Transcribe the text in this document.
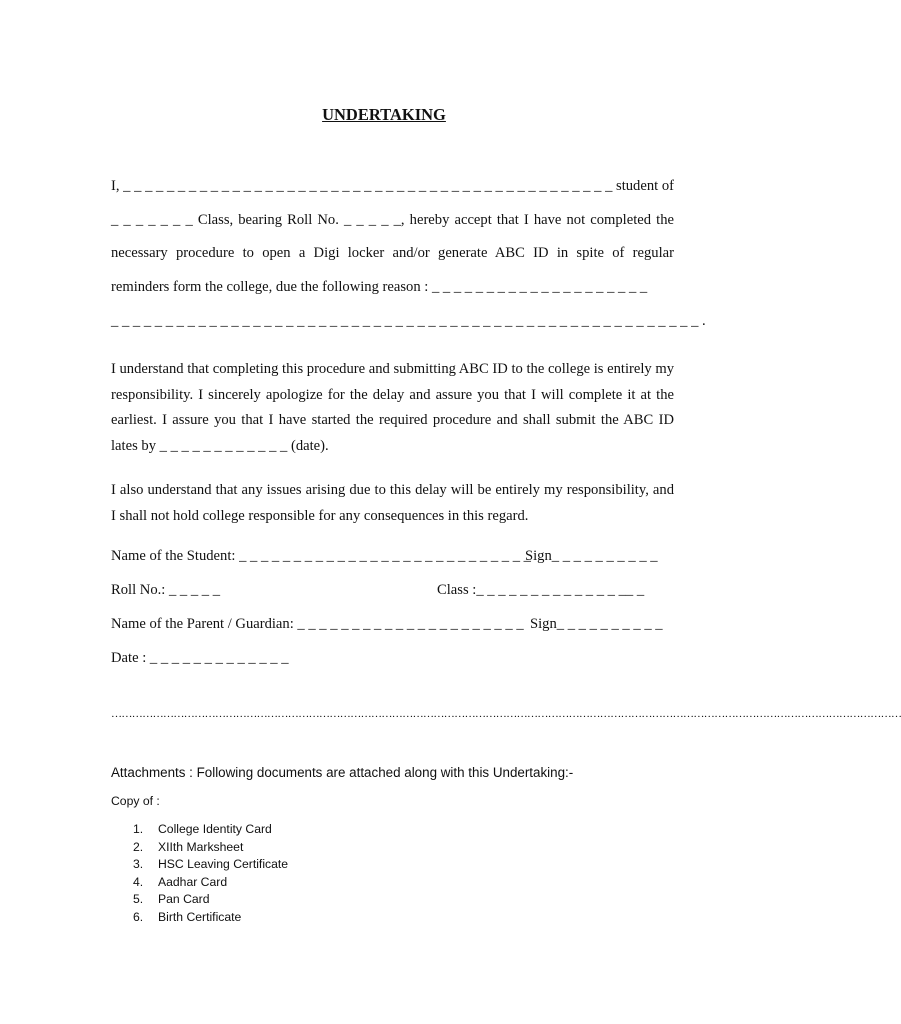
UNDERTAKING
I, _ _ _ _ _ _ _ _ _ _ _ _ _ _ _ _ _ _ _ _ _ _ _ _ _ _ _ _ _ _ _ _ _ _ _ _ _ _ _ _ _ _ _ _ _ student of
_ _ _ _ _ _ _ Class, bearing Roll No. _ _ _ _ _, hereby accept that I have not completed the
necessary procedure to open a Digi locker and/or generate ABC ID in spite of regular
reminders form the college, due the following reason : _ _ _ _ _ _ _ _ _ _ _ _ _ _ _ _ _ _ _ _
_ _ _ _ _ _ _ _ _ _ _ _ _ _ _ _ _ _ _ _ _ _ _ _ _ _ _ _ _ _ _ _ _ _ _ _ _ _ _ _ _ _ _ _ _ _ _ _ _ _ _ _ _ _ .
I understand that completing this procedure and submitting ABC ID to the college is entirely my responsibility. I sincerely apologize for the delay and assure you that I will complete it at the earliest. I assure you that I have started the required procedure and shall submit the ABC ID lates by _ _ _ _ _ _ _ _ _ _ _ _ (date).
I also understand that any issues arising due to this delay will be entirely my responsibility, and I shall not hold college responsible for any consequences in this regard.
Name of the Student: _ _ _ _ _ _ _ _ _ _ _ _ _ _ _ _ _ _ _ _ _ _ _ _ _ _ _
Sign_ _ _ _ _ _ _ _ _ _
Roll No.: _ _ _ _ _	Class :_ _ _ _ _ _ _ _ _ _ _ _ _ __ _
Name of the Parent / Guardian: _ _ _ _ _ _ _ _ _ _ _ _ _ _ _ _ _ _ _ _ _ Sign_ _ _ _ _ _ _ _ _ _
Date : _ _ _ _ _ _ _ _ _ _ _ _ _
…………………………………………………………………………………………………………………………………………………………………………………………………………
Attachments : Following documents are attached along with this Undertaking:-
Copy of :
1. College Identity Card
2. XIIth Marksheet
3. HSC Leaving Certificate
4. Aadhar Card
5. Pan Card
6. Birth Certificate
